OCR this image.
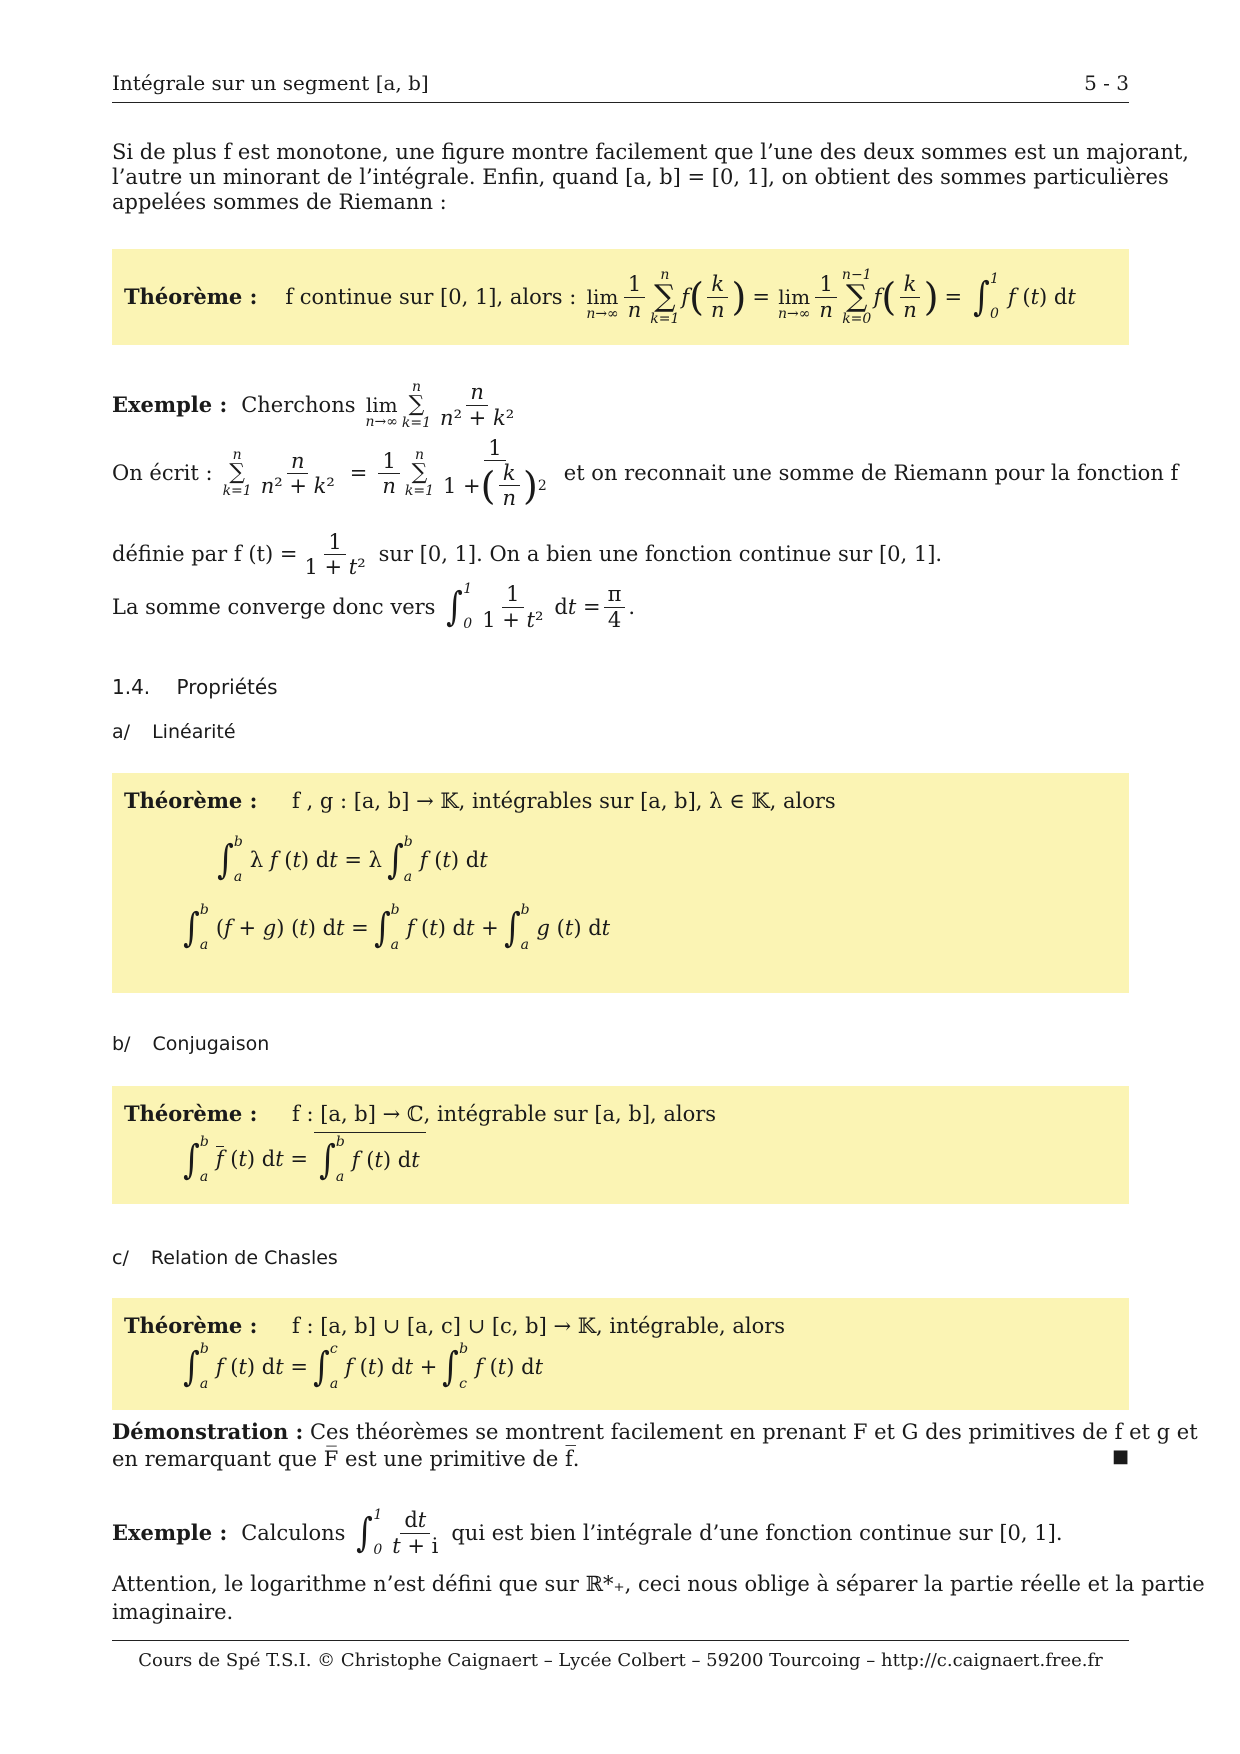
Intégrale sur un segment [a, b]	5 - 3
Si de plus f est monotone, une figure montre facilement que l’une des deux sommes est un majorant,
l’autre un minorant de l’intégrale. Enfin, quand [a, b] = [0, 1], on obtient des sommes particulières
appelées sommes de Riemann :
Théorème : f continue sur [0, 1], alors : lim
$n\to\infty \frac{1}{n}$ n
∑
k=1
f ( $\frac{k}{n}$ ) = lim
$n\to\infty \frac{1}{n} n-1$
∑
k=0
f ( $\frac{k}{n}$ ) = ∫ 1
0
f (t) dt
Exemple : Cherchons lim
n→∞
n
∑
$k=1 \frac{n}{\text{n² + k²}}$
On écrit :
n
∑
$k=1 \frac{n}{\text{n² + k²}} = \frac{1}{n}$ n
∑
$k=1 \frac{1}{1 + ( \frac{k}{n} ) 2}$ et on reconnait une somme de Riemann pour la fonction f
définie par f $(t) = \frac{1}{\text{1 + t²}}$ sur [0, 1]. On a bien une fonction continue sur [0, 1].
La somme converge donc vers ∫ 1
$0 \frac{1}{\text{1 + t²}}$ dt = $\frac{\pi}{4}$ .
1.4. Propriétés
a/ Linéarité
Théorème : f , g : [a, b] → 𝕂, intégrables sur [a, b], λ ∈ 𝕂, alors
∫ b
a
λ f (t) dt = λ ∫ b
a
f (t) dt
∫ b
a
(f + g) (t) dt = ∫ b
a
f (t) dt + ∫ b
a
g (t) dt
b/ Conjugaison
Théorème : f : [a, b] → ℂ, intégrable sur [a, b], alors
∫ b
a
f (t) dt = ∫ b
a
f (t) dt
c/ Relation de Chasles
Théorème : f : [a, b] ∪ [a, c] ∪ [c, b] → 𝕂, intégrable, alors
∫ b
a
f (t) dt = ∫ c
a
f (t) dt + ∫ b
c
f (t) dt
Démonstration : Ces théorèmes se montrent facilement en prenant F et G des primitives de f et g et
en remarquant que F̅ est une primitive de f̅.	■
Exemple : Calculons ∫ 1
$0 \frac{dt}{t + i}$ qui est bien l’intégrale d’une fonction continue sur [0, 1].
Attention, le logarithme n’est défini que sur ℝ*₊, ceci nous oblige à séparer la partie réelle et la partie
imaginaire.
Cours de Spé T.S.I. © Christophe Caignaert – Lycée Colbert – 59200 Tourcoing – http://c.caignaert.free.fr
